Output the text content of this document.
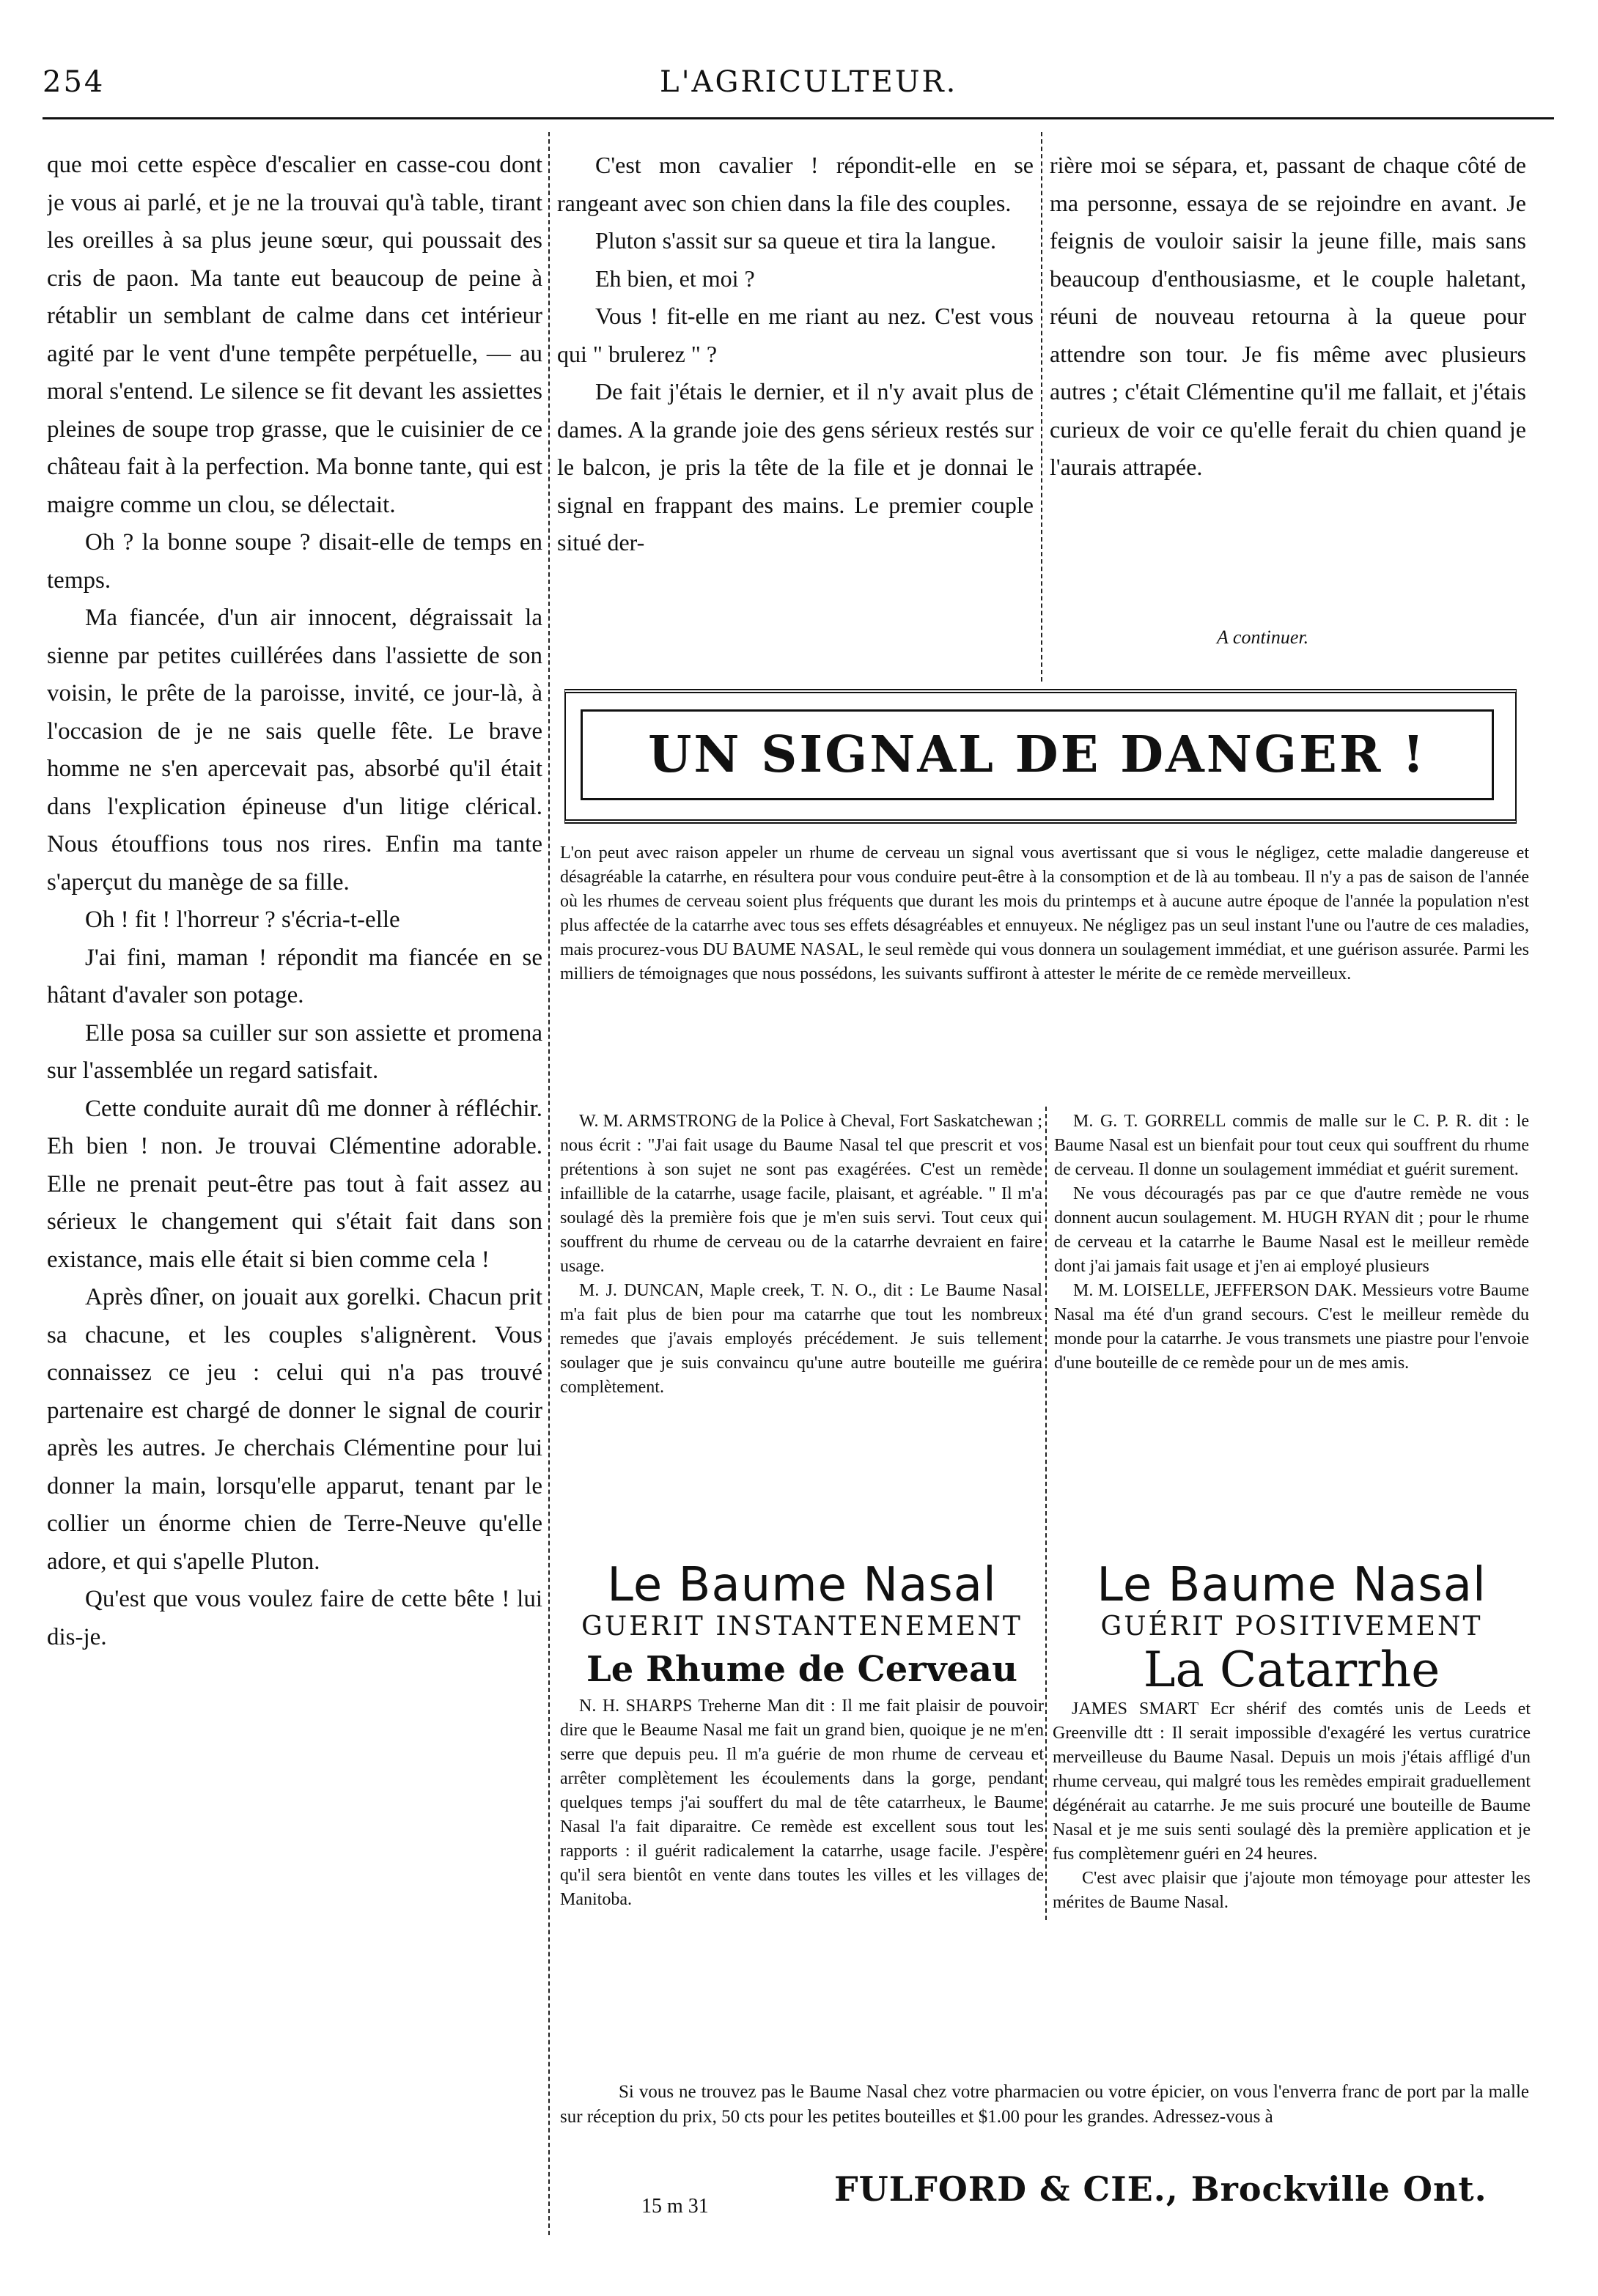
254	L'AGRICULTEUR.

que moi cette espèce d'escalier en casse-cou dont je vous ai parlé, et je ne la trouvai qu'à table, tirant les oreilles à sa plus jeune sœur, qui poussait des cris de paon. Ma tante eut beaucoup de peine à rétablir un semblant de calme dans cet intérieur agité par le vent d'une tempête perpétuelle, — au moral s'entend. Le silence se fit devant les assiettes pleines de soupe trop grasse, que le cuisinier de ce château fait à la perfection. Ma bonne tante, qui est maigre comme un clou, se délectait.

Oh ? la bonne soupe ? disait-elle de temps en temps.

Ma fiancée, d'un air innocent, dégraissait la sienne par petites cuillérées dans l'assiette de son voisin, le prête de la paroisse, invité, ce jour-là, à l'occasion de je ne sais quelle fête. Le brave homme ne s'en apercevait pas, absorbé qu'il était dans l'explication épineuse d'un litige clérical. Nous étouffions tous nos rires. Enfin ma tante s'aperçut du manège de sa fille.

Oh ! fit ! l'horreur ? s'écria-t-elle

J'ai fini, maman ! répondit ma fiancée en se hâtant d'avaler son potage.

Elle posa sa cuiller sur son assiette et promena sur l'assemblée un regard satisfait.

Cette conduite aurait dû me donner à réfléchir. Eh bien ! non. Je trouvai Clémentine adorable. Elle ne prenait peut-être pas tout à fait assez au sérieux le changement qui s'était fait dans son existance, mais elle était si bien comme cela !

Après dîner, on jouait aux gorelki. Chacun prit sa chacune, et les couples s'alignèrent. Vous connaissez ce jeu : celui qui n'a pas trouvé partenaire est chargé de donner le signal de courir après les autres. Je cherchais Clémentine pour lui donner la main, lorsqu'elle apparut, tenant par le collier un énorme chien de Terre-Neuve qu'elle adore, et qui s'apelle Pluton.

Qu'est que vous voulez faire de cette bête ! lui dis-je.

C'est mon cavalier ! répondit-elle en se rangeant avec son chien dans la file des couples.

Pluton s'assit sur sa queue et tira la langue.

Eh bien, et moi ?

Vous ! fit-elle en me riant au nez. C'est vous qui " brulerez " ?

De fait j'étais le dernier, et il n'y avait plus de dames. A la grande joie des gens sérieux restés sur le balcon, je pris la tête de la file et je donnai le signal en frappant des mains. Le premier couple situé der-

rière moi se sépara, et, passant de chaque côté de ma personne, essaya de se rejoindre en avant. Je feignis de vouloir saisir la jeune fille, mais sans beaucoup d'enthousiasme, et le couple haletant, réuni de nouveau retourna à la queue pour attendre son tour. Je fis même avec plusieurs autres ; c'était Clémentine qu'il me fallait, et j'étais curieux de voir ce qu'elle ferait du chien quand je l'aurais attrapée.

A continuer.
UN SIGNAL DE DANGER !
L'on peut avec raison appeler un rhume de cerveau un signal vous avertissant que si vous le négligez, cette maladie dangereuse et désagréable la catarrhe, en résultera pour vous conduire peut-être à la consomption et de là au tombeau. Il n'y a pas de saison de l'année où les rhumes de cerveau soient plus fréquents que durant les mois du printemps et à aucune autre époque de l'année la population n'est plus affectée de la catarrhe avec tous ses effets désagréables et ennuyeux. Ne négligez pas un seul instant l'une ou l'autre de ces maladies, mais procurez-vous DU BAUME NASAL, le seul remède qui vous donnera un soulagement immédiat, et une guérison assurée. Parmi les milliers de témoignages que nous possédons, les suivants suffiront à attester le mérite de ce remède merveilleux.

W. M. ARMSTRONG de la Police à Cheval, Fort Saskatchewan ; nous écrit : "J'ai fait usage du Baume Nasal tel que prescrit et vos prétentions à son sujet ne sont pas exagérées. C'est un remède infaillible de la catarrhe, usage facile, plaisant, et agréable. " Il m'a soulagé dès la première fois que je m'en suis servi. Tout ceux qui souffrent du rhume de cerveau ou de la catarrhe devraient en faire usage.

M. J. DUNCAN, Maple creek, T. N. O., dit : Le Baume Nasal m'a fait plus de bien pour ma catarrhe que tout les nombreux remedes que j'avais employés précédement. Je suis tellement soulager que je suis convaincu qu'une autre bouteille me guérira complètement.

M. G. T. GORRELL commis de malle sur le C. P. R. dit : le Baume Nasal est un bienfait pour tout ceux qui souffrent du rhume de cerveau. Il donne un soulagement immédiat et guérit surement.

Ne vous découragés pas par ce que d'autre remède ne vous donnent aucun soulagement. M. HUGH RYAN dit ; pour le rhume de cerveau et la catarrhe le Baume Nasal est le meilleur remède dont j'ai jamais fait usage et j'en ai employé plusieurs

M. M. LOISELLE, JEFFERSON DAK. Messieurs votre Baume Nasal ma été d'un grand secours. C'est le meilleur remède du monde pour la catarrhe. Je vous transmets une piastre pour l'envoie d'une bouteille de ce remède pour un de mes amis.

Le Baume Nasal
GUERIT INSTANTENEMENT
Le Rhume de Cerveau
N. H. SHARPS Treherne Man dit : Il me fait plaisir de pouvoir dire que le Beaume Nasal me fait un grand bien, quoique je ne m'en serre que depuis peu. Il m'a guérie de mon rhume de cerveau et arrêter complètement les écoulements dans la gorge, pendant quelques temps j'ai souffert du mal de tête catarrheux, le Baume Nasal l'a fait diparaitre. Ce remède est excellent sous tout les rapports : il guérit radicalement la catarrhe, usage facile. J'espère qu'il sera bientôt en vente dans toutes les villes et les villages de Manitoba.
Le Baume Nasal
GUÉRIT POSITIVEMENT
La Catarrhe
JAMES SMART Ecr shérif des comtés unis de Leeds et Greenville dtt : Il serait impossible d'exagéré les vertus curatrice merveilleuse du Baume Nasal. Depuis un mois j'étais affligé d'un rhume cerveau, qui malgré tous les remèdes empirait graduellement dégénérait au catarrhe. Je me suis procuré une bouteille de Baume Nasal et je me suis senti soulagé dès la première application et je fus complètemenr guéri en 24 heures.
C'est avec plaisir que j'ajoute mon témoyage pour attester les mérites de Baume Nasal.
Si vous ne trouvez pas le Baume Nasal chez votre pharmacien ou votre épicier, on vous l'enverra franc de port par la malle sur réception du prix, 50 cts pour les petites bouteilles et $1.00 pour les grandes. Adressez-vous à
15 m 31	FULFORD & CIE., Brockville Ont.
